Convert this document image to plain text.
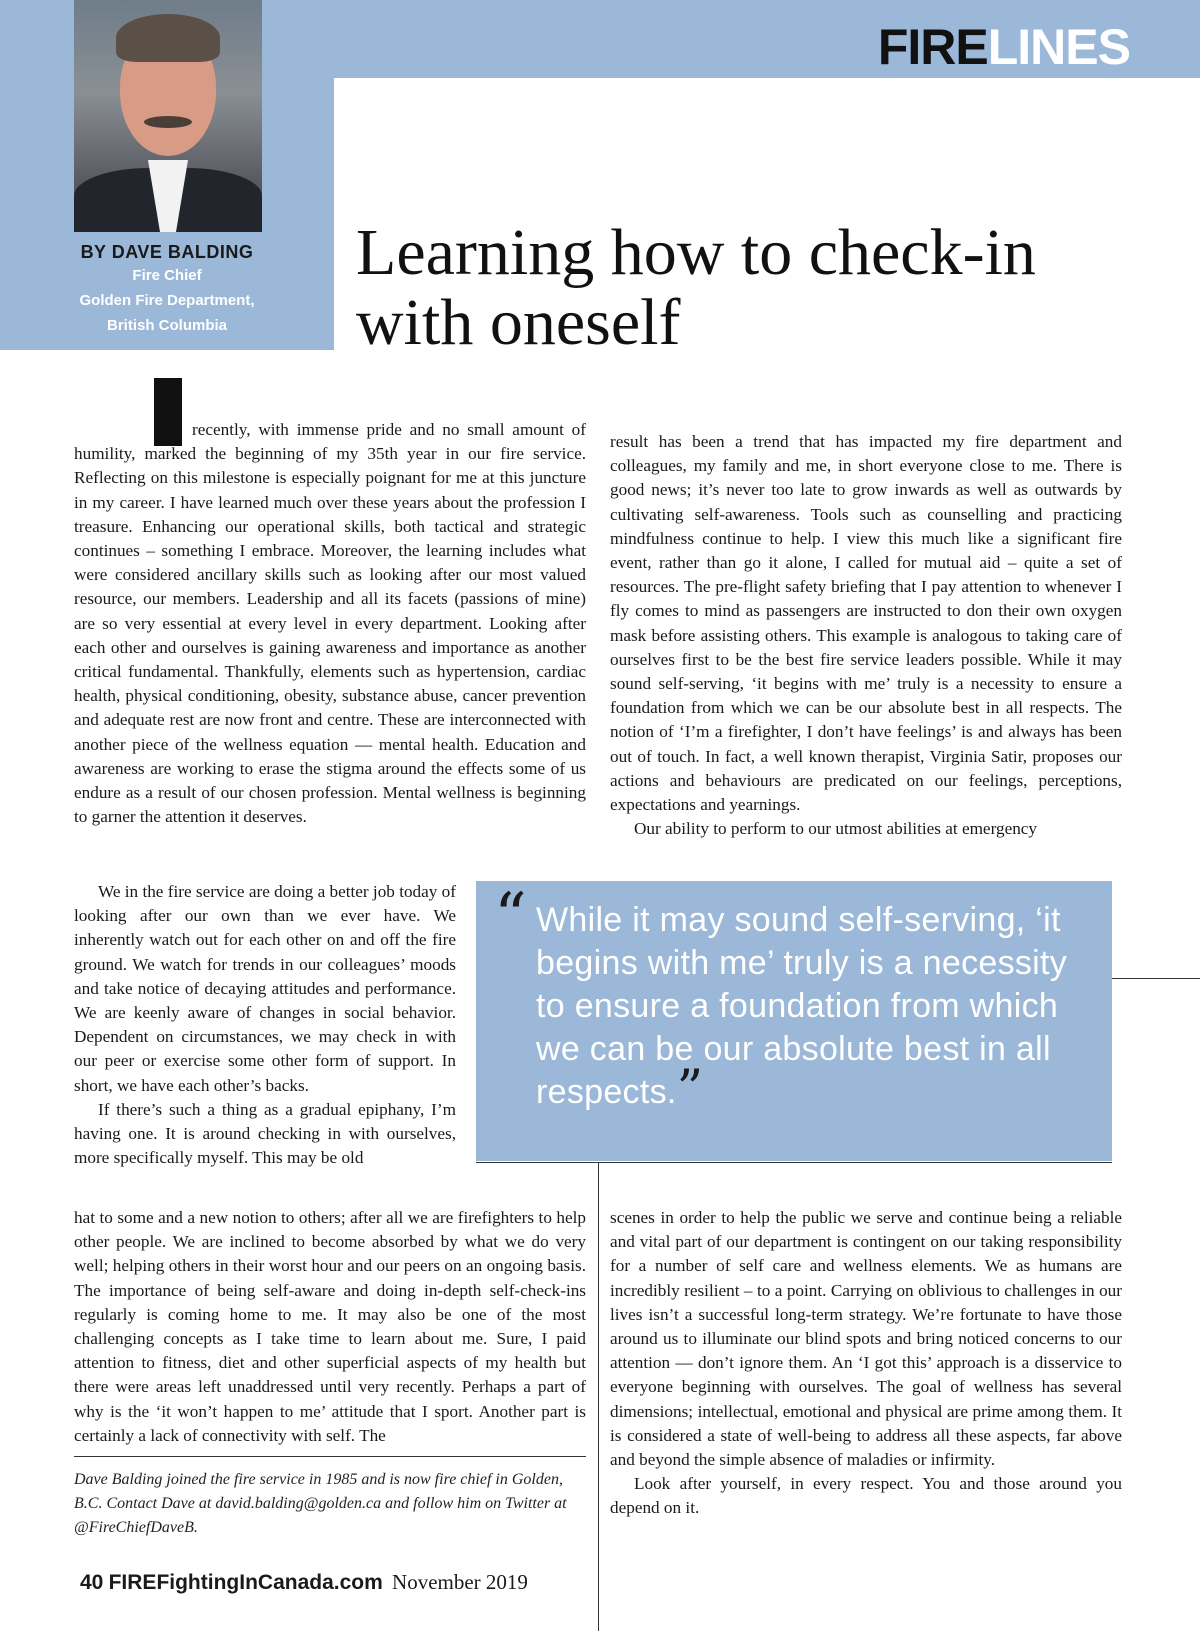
FIRELINES
BY DAVE BALDING
Fire Chief
Golden Fire Department,
British Columbia
Learning how to check-in with oneself
I

recently, with immense pride and no small amount of humility, marked the beginning of my 35th year in our fire service. Reflecting on this milestone is especially poignant for me at this juncture in my career. I have learned much over these years about the profession I treasure. Enhancing our operational skills, both tactical and strategic continues – something I embrace. Moreover, the learning includes what were considered ancillary skills such as looking after our most valued resource, our members. Leadership and all its facets (passions of mine) are so very essential at every level in every department. Looking after each other and ourselves is gaining awareness and importance as another critical fundamental. Thankfully, elements such as hypertension, cardiac health, physical conditioning, obesity, substance abuse, cancer prevention and adequate rest are now front and centre. These are interconnected with another piece of the wellness equation — mental health. Education and awareness are working to erase the stigma around the effects some of us endure as a result of our chosen profession. Mental wellness is beginning to garner the attention it deserves.

We in the fire service are doing a better job today of looking after our own than we ever have. We inherently watch out for each other on and off the fire ground. We watch for trends in our colleagues’ moods and take notice of decaying attitudes and performance. We are keenly aware of changes in social behavior. Dependent on circumstances, we may check in with our peer or exercise some other form of support. In short, we have each other’s backs.

If there’s such a thing as a gradual epiphany, I’m having one. It is around checking in with ourselves, more specifically myself. This may be old

hat to some and a new notion to others; after all we are firefighters to help other people. We are inclined to become absorbed by what we do very well; helping others in their worst hour and our peers on an ongoing basis. The importance of being self-aware and doing in-depth self-check-ins regularly is coming home to me. It may also be one of the most challenging concepts as I take time to learn about me. Sure, I paid attention to fitness, diet and other superficial aspects of my health but there were areas left unaddressed until very recently. Perhaps a part of why is the ‘it won’t happen to me’ attitude that I sport. Another part is certainly a lack of connectivity with self. The

result has been a trend that has impacted my fire department and colleagues, my family and me, in short everyone close to me. There is good news; it’s never too late to grow inwards as well as outwards by cultivating self-awareness. Tools such as counselling and practicing mindfulness continue to help. I view this much like a significant fire event, rather than go it alone, I called for mutual aid – quite a set of resources. The pre-flight safety briefing that I pay attention to whenever I fly comes to mind as passengers are instructed to don their own oxygen mask before assisting others. This example is analogous to taking care of ourselves first to be the best fire service leaders possible. While it may sound self-serving, ‘it begins with me’ truly is a necessity to ensure a foundation from which we can be our absolute best in all respects. The notion of ‘I’m a firefighter, I don’t have feelings’ is and always has been out of touch. In fact, a well known therapist, Virginia Satir, proposes our actions and behaviours are predicated on our feelings, perceptions, expectations and yearnings.

Our ability to perform to our utmost abilities at emergency

“ While it may sound self-serving, ‘it begins with me’ truly is a necessity to ensure a foundation from which we can be our absolute best in all respects.”

scenes in order to help the public we serve and continue being a reliable and vital part of our department is contingent on our taking responsibility for a number of self care and wellness elements. We as humans are incredibly resilient – to a point. Carrying on oblivious to challenges in our lives isn’t a successful long-term strategy. We’re fortunate to have those around us to illuminate our blind spots and bring noticed concerns to our attention — don’t ignore them. An ‘I got this’ approach is a disservice to everyone beginning with ourselves. The goal of wellness has several dimensions; intellectual, emotional and physical are prime among them. It is considered a state of well-being to address all these aspects, far above and beyond the simple absence of maladies or infirmity.

Look after yourself, in every respect. You and those around you depend on it.

Dave Balding joined the fire service in 1985 and is now fire chief in Golden, B.C. Contact Dave at david.balding@golden.ca and follow him on Twitter at @FireChiefDaveB.
40 FIREFightingInCanada.com November 2019
